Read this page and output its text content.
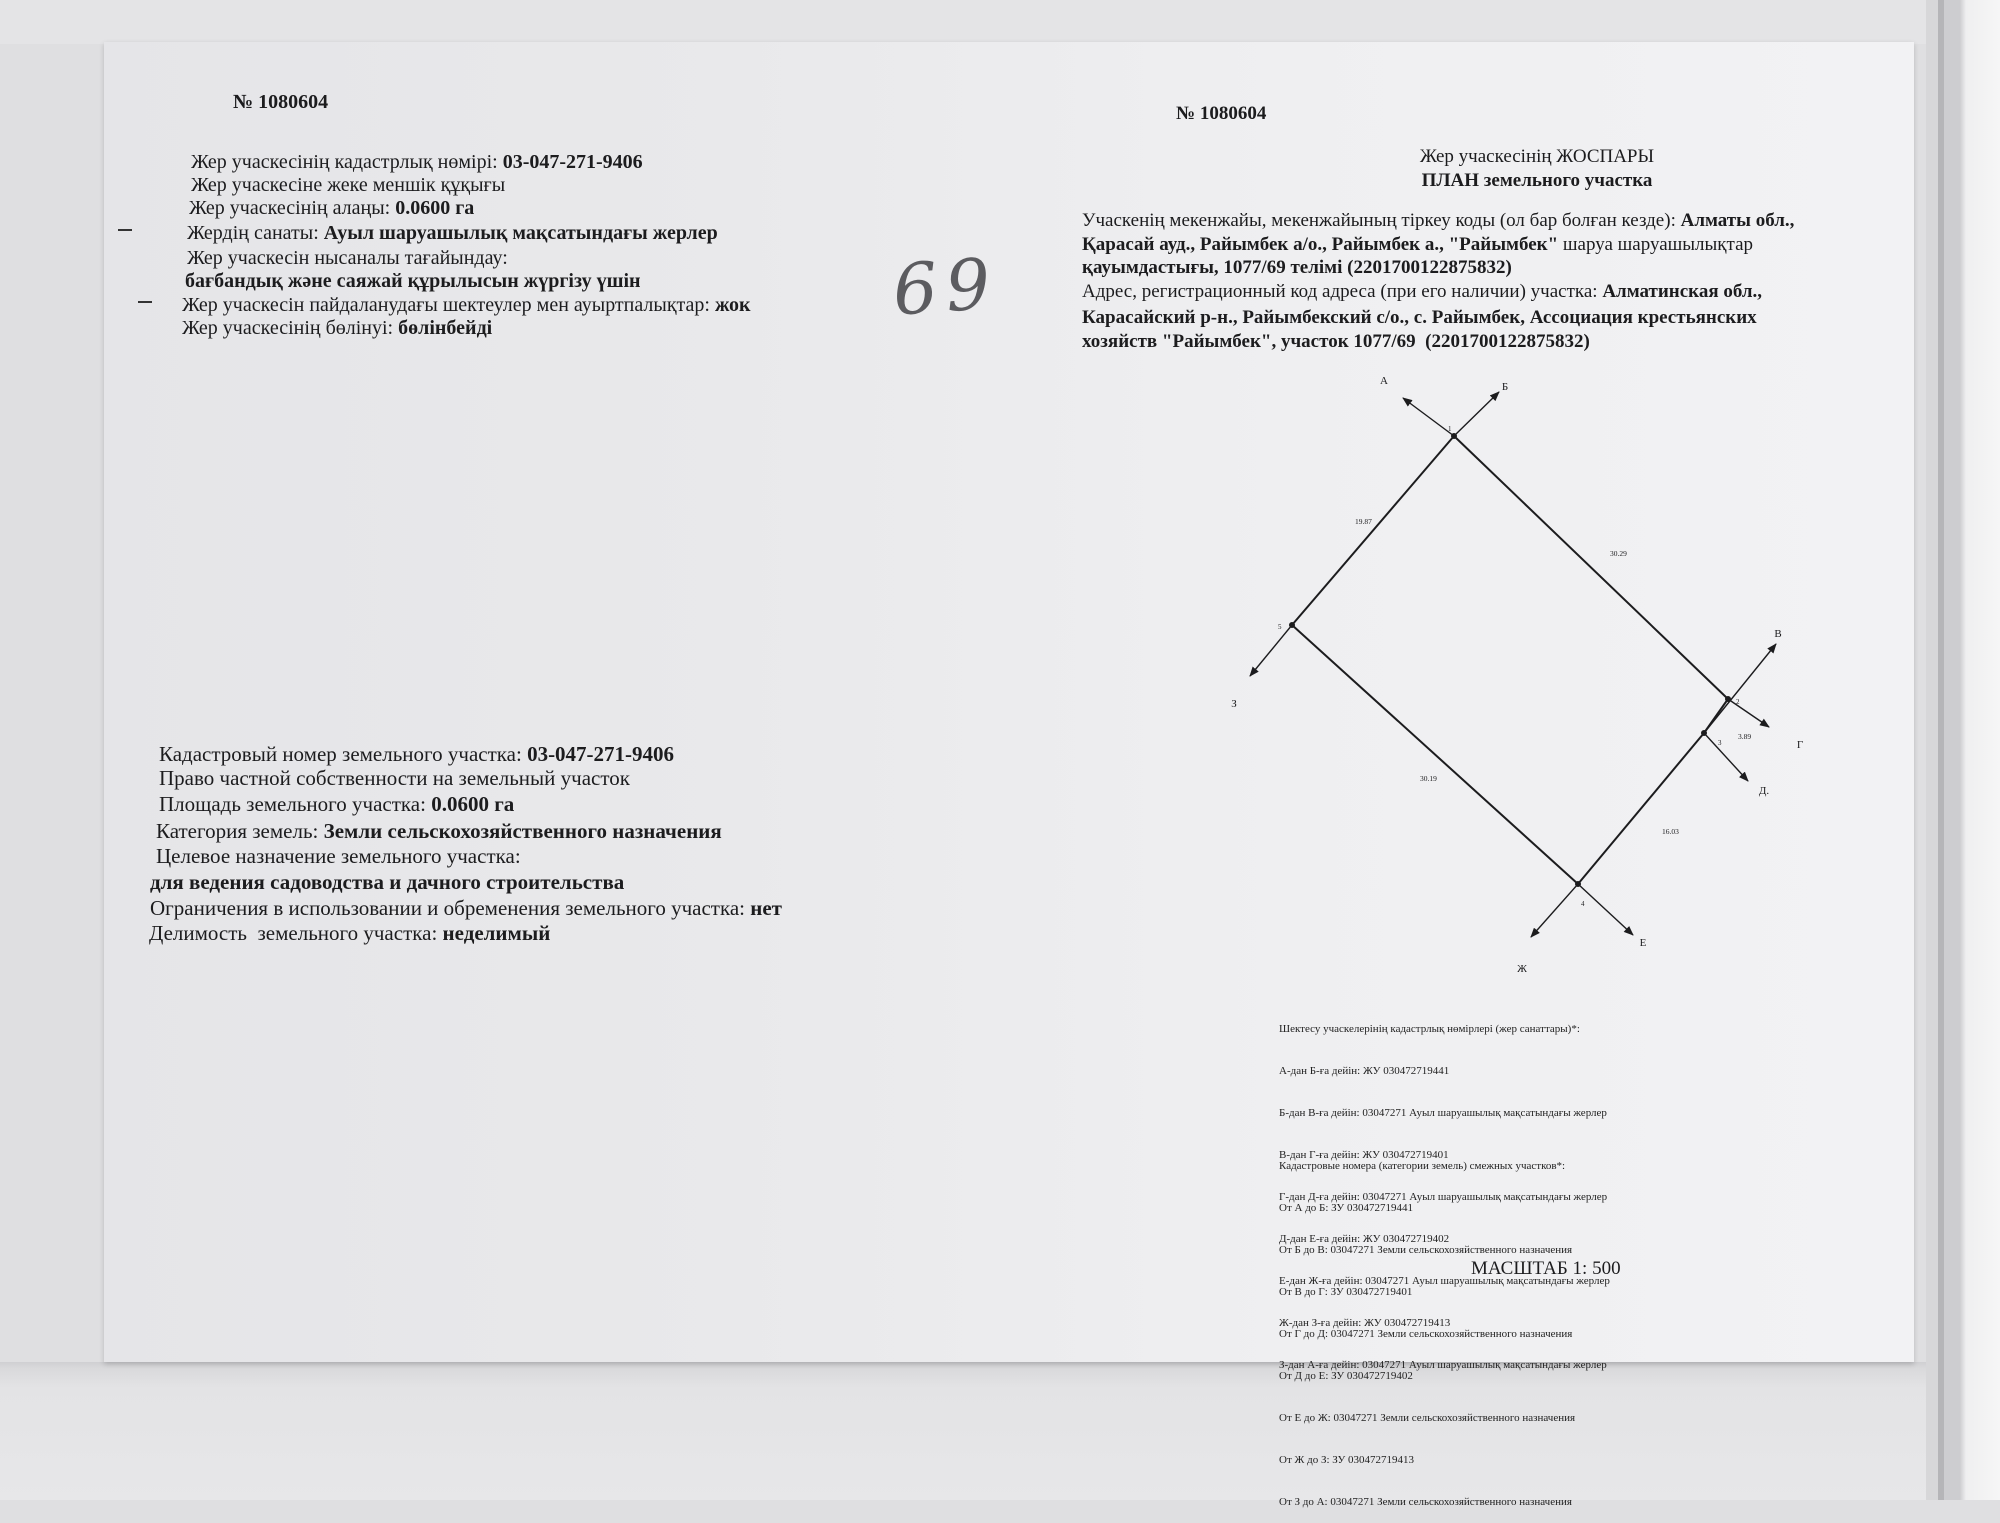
№ 1080604
Жер учаскесінің кадастрлық нөмірі: 03-047-271-9406
Жер учаскесіне жеке меншік құқығы
Жер учаскесінің алаңы: 0.0600 га
Жердің санаты: Ауыл шаруашылық мақсатындағы жерлер
Жер учаскесін нысаналы тағайындау:
бағбандық және саяжай құрылысын жүргізу үшін
Жер учаскесін пайдаланудағы шектеулер мен ауыртпалықтар: жок
Жер учаскесінің бөлінуі: бөлінбейді	69
Кадастровый номер земельного участка: 03-047-271-9406
Право частной собственности на земельный участок
Площадь земельного участка: 0.0600 га
Категория земель: Земли сельскохозяйственного назначения
Целевое назначение земельного участка:
для ведения садоводства и дачного строительства
Ограничения в использовании и обременения земельного участка: нет
Делимость  земельного участка: неделимый
№ 1080604
Жер учаскесінің ЖОСПАРЫ
ПЛАН земельного участка
Учаскенің мекенжайы, мекенжайының тіркеу коды (ол бар болған кезде): Алматы обл.,
Қарасай ауд., Райымбек а/о., Райымбек а., "Райымбек" шаруа шаруашылықтар
қауымдастығы, 1077/69 телімі (2201700122875832)
Адрес, регистрационный код адреса (при его наличии) участка: Алматинская обл.,
Карасайский р-н., Райымбекский с/о., с. Райымбек, Ассоциация крестьянских
хозяйств "Райымбек", участок 1077/69  (2201700122875832)
А	Б
В
Г
Д.
Е
Ж
З
1
2
3
4
5
19.87
30.29
3.89
16.03
30.19

Шектесу учаскелерінің кадастрлық нөмірлері (жер санаттары)*:

А-дан Б-ға дейін: ЖУ 030472719441

Б-дан В-ға дейін: 03047271 Ауыл шаруашылық мақсатындағы жерлер

В-дан Г-ға дейін: ЖУ 030472719401

Г-дан Д-ға дейін: 03047271 Ауыл шаруашылық мақсатындағы жерлер

Д-дан Е-ға дейін: ЖУ 030472719402

Е-дан Ж-ға дейін: 03047271 Ауыл шаруашылық мақсатындағы жерлер

Ж-дан З-ға дейін: ЖУ 030472719413

З-дан А-ға дейін: 03047271 Ауыл шаруашылық мақсатындағы жерлер

Кадастровые номера (категории земель) смежных участков*:

От А до Б: ЗУ 030472719441

От Б до В: 03047271 Земли сельскохозяйственного назначения

От В до Г: ЗУ 030472719401

От Г до Д: 03047271 Земли сельскохозяйственного назначения

От Д до Е: ЗУ 030472719402

От Е до Ж: 03047271 Земли сельскохозяйственного назначения

От Ж до З: ЗУ 030472719413

От З до А: 03047271 Земли сельскохозяйственного назначения

МАСШТАБ 1: 500
